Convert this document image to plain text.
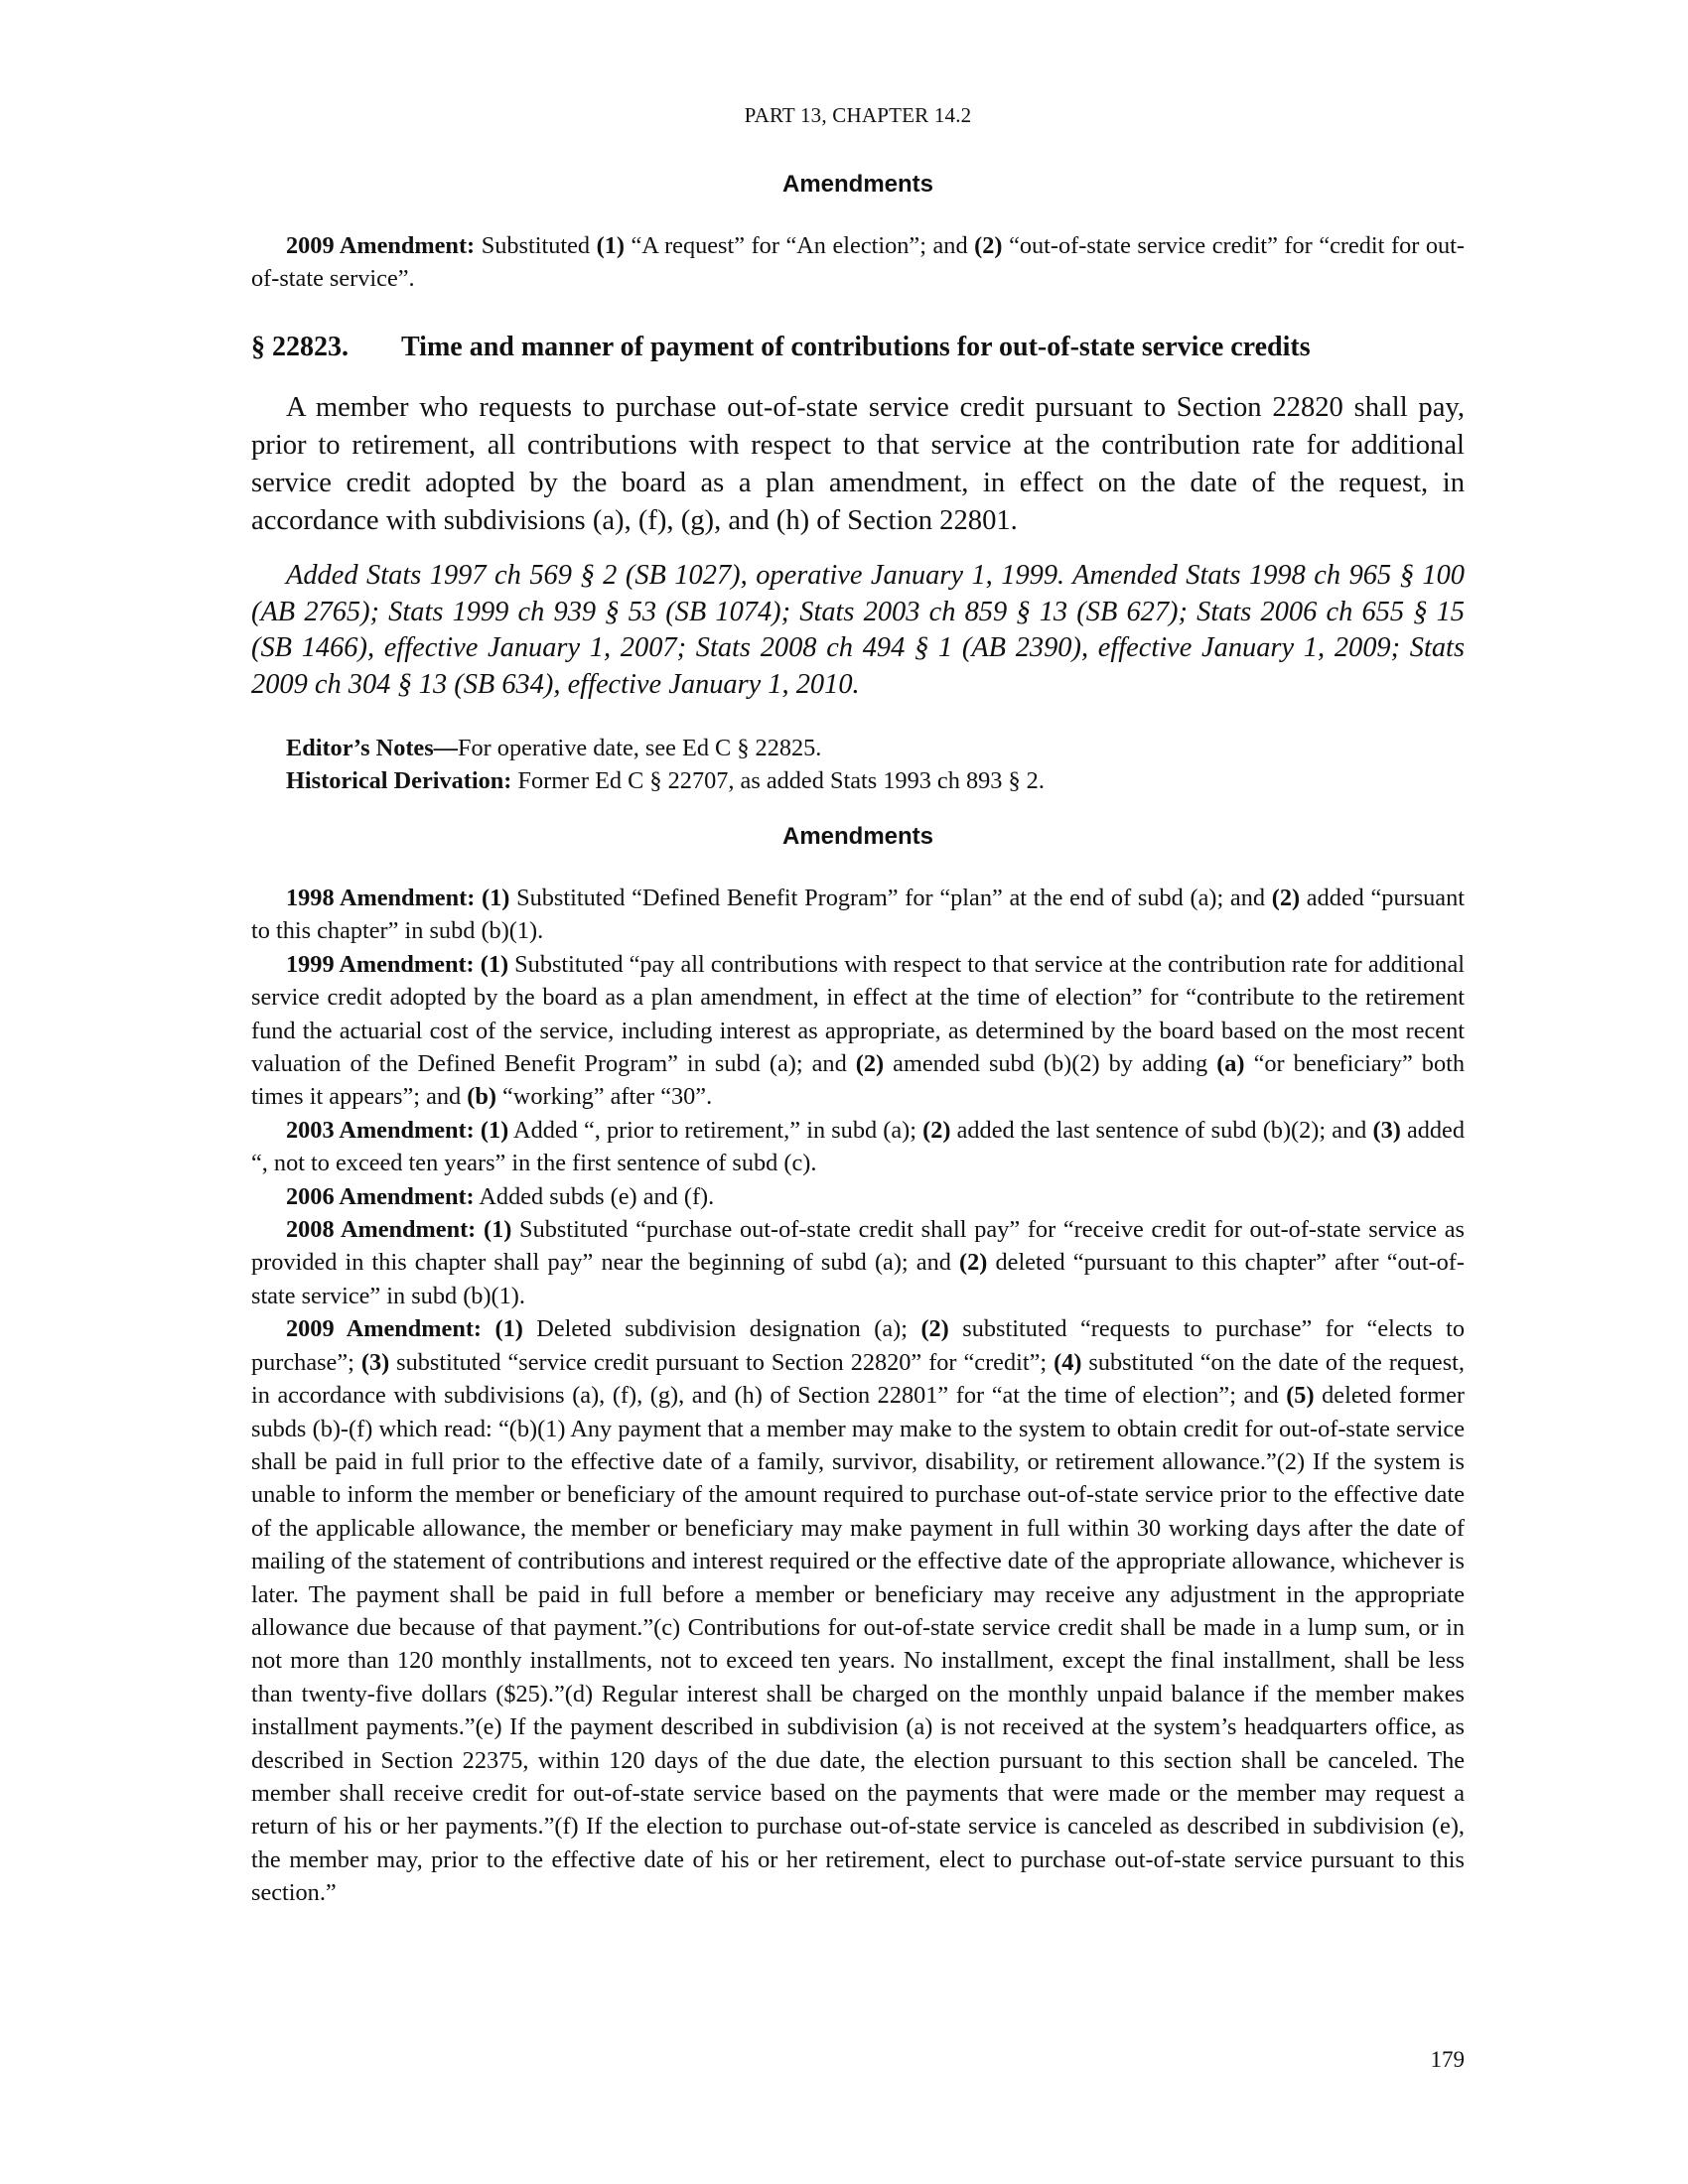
PART 13, CHAPTER 14.2
Amendments
2009 Amendment: Substituted (1) “A request” for “An election”; and (2) “out-of-state service credit” for “credit for out-of-state service”.
§ 22823. Time and manner of payment of contributions for out-of-state service credits
A member who requests to purchase out-of-state service credit pursuant to Section 22820 shall pay, prior to retirement, all contributions with respect to that service at the contribution rate for additional service credit adopted by the board as a plan amendment, in effect on the date of the request, in accordance with subdivisions (a), (f), (g), and (h) of Section 22801.
Added Stats 1997 ch 569 § 2 (SB 1027), operative January 1, 1999. Amended Stats 1998 ch 965 § 100 (AB 2765); Stats 1999 ch 939 § 53 (SB 1074); Stats 2003 ch 859 § 13 (SB 627); Stats 2006 ch 655 § 15 (SB 1466), effective January 1, 2007; Stats 2008 ch 494 § 1 (AB 2390), effective January 1, 2009; Stats 2009 ch 304 § 13 (SB 634), effective January 1, 2010.
Editor’s Notes—For operative date, see Ed C § 22825.
Historical Derivation: Former Ed C § 22707, as added Stats 1993 ch 893 § 2.
Amendments

1998 Amendment: (1) Substituted “Defined Benefit Program” for “plan” at the end of subd (a); and (2) added “pursuant to this chapter” in subd (b)(1).

1999 Amendment: (1) Substituted “pay all contributions with respect to that service at the contribution rate for additional service credit adopted by the board as a plan amendment, in effect at the time of election” for “contribute to the retirement fund the actuarial cost of the service, including interest as appropriate, as determined by the board based on the most recent valuation of the Defined Benefit Program” in subd (a); and (2) amended subd (b)(2) by adding (a) “or beneficiary” both times it appears”; and (b) “working” after “30”.

2003 Amendment: (1) Added “, prior to retirement,” in subd (a); (2) added the last sentence of subd (b)(2); and (3) added “, not to exceed ten years” in the first sentence of subd (c).

2006 Amendment: Added subds (e) and (f).

2008 Amendment: (1) Substituted “purchase out-of-state credit shall pay” for “receive credit for out-of-state service as provided in this chapter shall pay” near the beginning of subd (a); and (2) deleted “pursuant to this chapter” after “out-of-state service” in subd (b)(1).

2009 Amendment: (1) Deleted subdivision designation (a); (2) substituted “requests to purchase” for “elects to purchase”; (3) substituted “service credit pursuant to Section 22820” for “credit”; (4) substituted “on the date of the request, in accordance with subdivisions (a), (f), (g), and (h) of Section 22801” for “at the time of election”; and (5) deleted former subds (b)-(f) which read: “(b)(1) Any payment that a member may make to the system to obtain credit for out-of-state service shall be paid in full prior to the effective date of a family, survivor, disability, or retirement allowance.”(2) If the system is unable to inform the member or beneficiary of the amount required to purchase out-of-state service prior to the effective date of the applicable allowance, the member or beneficiary may make payment in full within 30 working days after the date of mailing of the statement of contributions and interest required or the effective date of the appropriate allowance, whichever is later. The payment shall be paid in full before a member or beneficiary may receive any adjustment in the appropriate allowance due because of that payment.”(c) Contributions for out-of-state service credit shall be made in a lump sum, or in not more than 120 monthly installments, not to exceed ten years. No installment, except the final installment, shall be less than twenty-five dollars ($25).”(d) Regular interest shall be charged on the monthly unpaid balance if the member makes installment payments.”(e) If the payment described in subdivision (a) is not received at the system’s headquarters office, as described in Section 22375, within 120 days of the due date, the election pursuant to this section shall be canceled. The member shall receive credit for out-of-state service based on the payments that were made or the member may request a return of his or her payments.”(f) If the election to purchase out-of-state service is canceled as described in subdivision (e), the member may, prior to the effective date of his or her retirement, elect to purchase out-of-state service pursuant to this section.”

179
